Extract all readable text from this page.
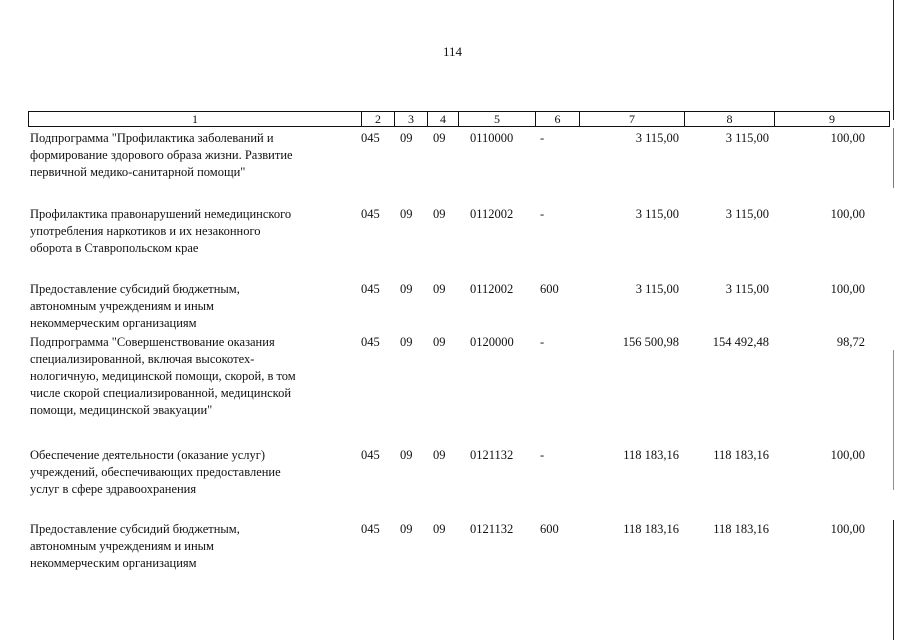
114
1	2	3	4	5	6	7	8	9
Подпрограмма "Профилактика заболеваний и
формирование здорового образа жизни. Развитие
первичной медико-санитарной помощи"
045 09 09 0110000 -	3 115,00	3 115,00	100,00
Профилактика правонарушений немедицинского
употребления наркотиков и их незаконного
оборота в Ставропольском крае
045 09 09 0112002 -	3 115,00	3 115,00	100,00
Предоставление субсидий бюджетным,
автономным учреждениям и иным
некоммерческим организациям
045 09 09 0112002 600	3 115,00	3 115,00	100,00
Подпрограмма "Совершенствование оказания
специализированной, включая высокотех-
нологичную, медицинской помощи, скорой, в том
числе скорой специализированной, медицинской
помощи, медицинской эвакуации"
045 09 09 0120000 -	156 500,98	154 492,48	98,72
Обеспечение деятельности (оказание услуг)
учреждений, обеспечивающих предоставление
услуг в сфере здравоохранения
045 09 09 0121132 -	118 183,16	118 183,16	100,00
Предоставление субсидий бюджетным,
автономным учреждениям и иным
некоммерческим организациям
045 09 09 0121132 600	118 183,16	118 183,16	100,00
